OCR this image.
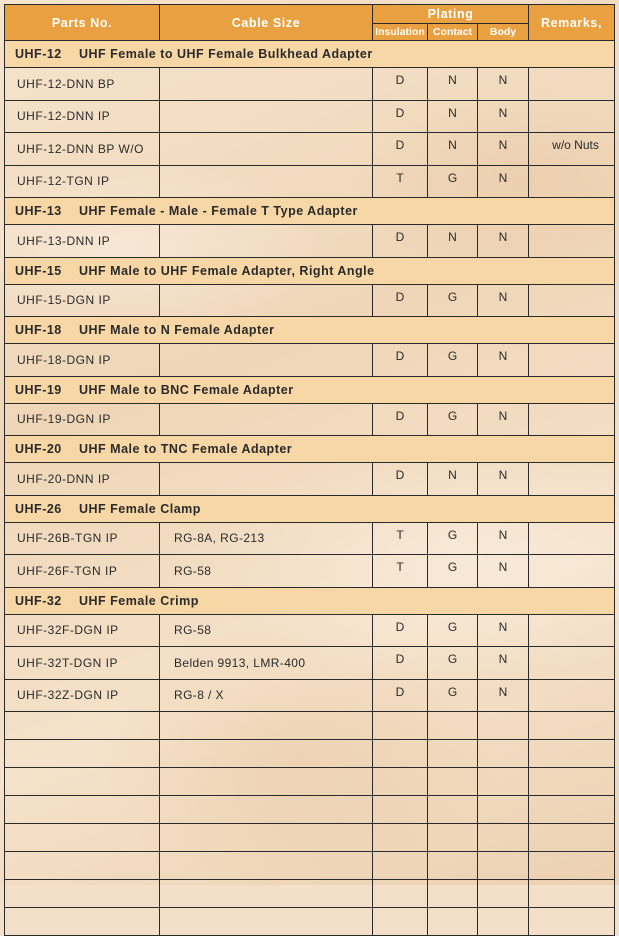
Parts No.	Cable Size	Plating			Remarks,
		Insulation	Contact	Body	
UHF-12 UHF Female to UHF Female Bulkhead Adapter					
UHF-12-DNN BP		D	N	N	
UHF-12-DNN IP		D	N	N	
UHF-12-DNN BP W/O		D	N	N	w/o Nuts
UHF-12-TGN IP		T	G	N	
UHF-13 UHF Female - Male - Female T Type Adapter					
UHF-13-DNN IP		D	N	N	
UHF-15 UHF Male to UHF Female Adapter, Right Angle					
UHF-15-DGN IP		D	G	N	
UHF-18 UHF Male to N Female Adapter					
UHF-18-DGN IP		D	G	N	
UHF-19 UHF Male to BNC Female Adapter					
UHF-19-DGN IP		D	G	N	
UHF-20 UHF Male to TNC Female Adapter					
UHF-20-DNN IP		D	N	N	
UHF-26 UHF Female Clamp					
UHF-26B-TGN IP	RG-8A, RG-213	T	G	N	
UHF-26F-TGN IP	RG-58	T	G	N	
UHF-32 UHF Female Crimp					
UHF-32F-DGN IP	RG-58	D	G	N	
UHF-32T-DGN IP	Belden 9913, LMR-400	D	G	N	
UHF-32Z-DGN IP	RG-8 / X	D	G	N	
